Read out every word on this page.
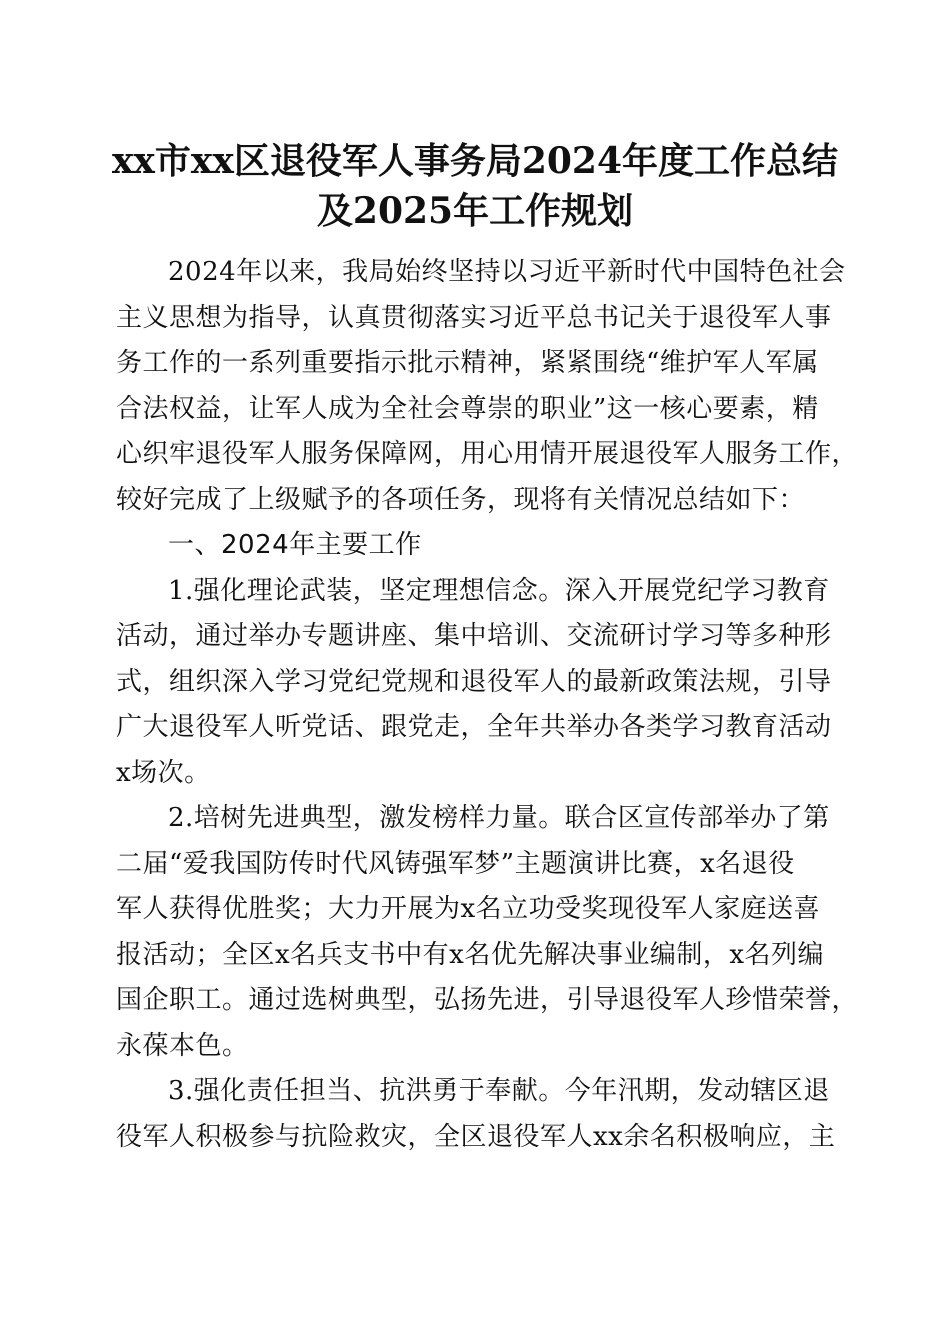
xx市xx区退役军人事务局2024年度工作总结
及2025年工作规划
2024年以来，我局始终坚持以习近平新时代中国特色社会
主义思想为指导，认真贯彻落实习近平总书记关于退役军人事
务工作的一系列重要指示批示精神，紧紧围绕“维护军人军属
合法权益，让军人成为全社会尊崇的职业”这一核心要素，精
心织牢退役军人服务保障网，用心用情开展退役军人服务工作，
较好完成了上级赋予的各项任务，现将有关情况总结如下：
一、2024年主要工作
1.强化理论武装，坚定理想信念。深入开展党纪学习教育
活动，通过举办专题讲座、集中培训、交流研讨学习等多种形
式，组织深入学习党纪党规和退役军人的最新政策法规，引导
广大退役军人听党话、跟党走，全年共举办各类学习教育活动
x场次。
2.培树先进典型，激发榜样力量。联合区宣传部举办了第
二届“爱我国防传时代风铸强军梦”主题演讲比赛，x名退役
军人获得优胜奖；大力开展为x名立功受奖现役军人家庭送喜
报活动；全区x名兵支书中有x名优先解决事业编制，x名列编
国企职工。通过选树典型，弘扬先进，引导退役军人珍惜荣誉，
永葆本色。
3.强化责任担当、抗洪勇于奉献。今年汛期，发动辖区退
役军人积极参与抗险救灾，全区退役军人xx余名积极响应，主
